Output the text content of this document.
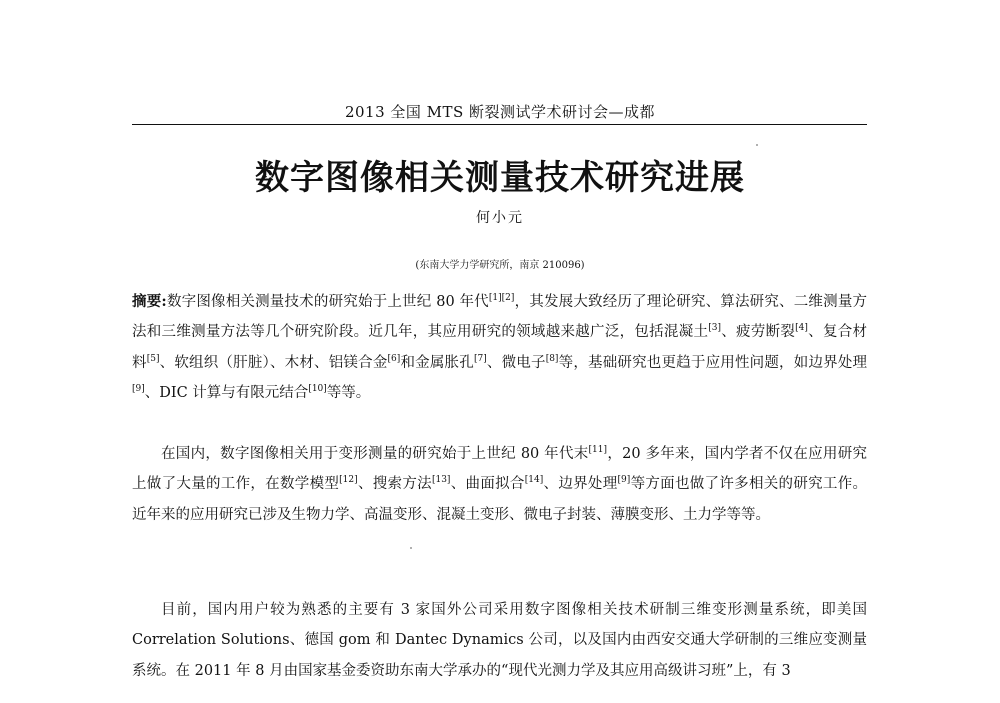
2013 全国 MTS 断裂测试学术研讨会—成都
数字图像相关测量技术研究进展
何小元
(东南大学力学研究所，南京 210096)

摘要:数字图像相关测量技术的研究始于上世纪 80 年代[1][2]，其发展大致经历了理论研究、算法研究、二维测量方法和三维测量方法等几个研究阶段。近几年，其应用研究的领域越来越广泛，包括混凝土[3]、疲劳断裂[4]、复合材料[5]、软组织（肝脏）、木材、铝镁合金[6]和金属胀孔[7]、微电子[8]等，基础研究也更趋于应用性问题，如边界处理[9]、DIC 计算与有限元结合[10]等等。

在国内，数字图像相关用于变形测量的研究始于上世纪 80 年代末[11]，20 多年来，国内学者不仅在应用研究上做了大量的工作，在数学模型[12]、搜索方法[13]、曲面拟合[14]、边界处理[9]等方面也做了许多相关的研究工作。近年来的应用研究已涉及生物力学、高温变形、混凝土变形、微电子封装、薄膜变形、土力学等等。

目前，国内用户较为熟悉的主要有 3 家国外公司采用数字图像相关技术研制三维变形测量系统，即美国 Correlation Solutions、德国 gom 和 Dantec Dynamics 公司，以及国内由西安交通大学研制的三维应变测量系统。在 2011 年 8 月由国家基金委资助东南大学承办的“现代光测力学及其应用高级讲习班”上，有 3
